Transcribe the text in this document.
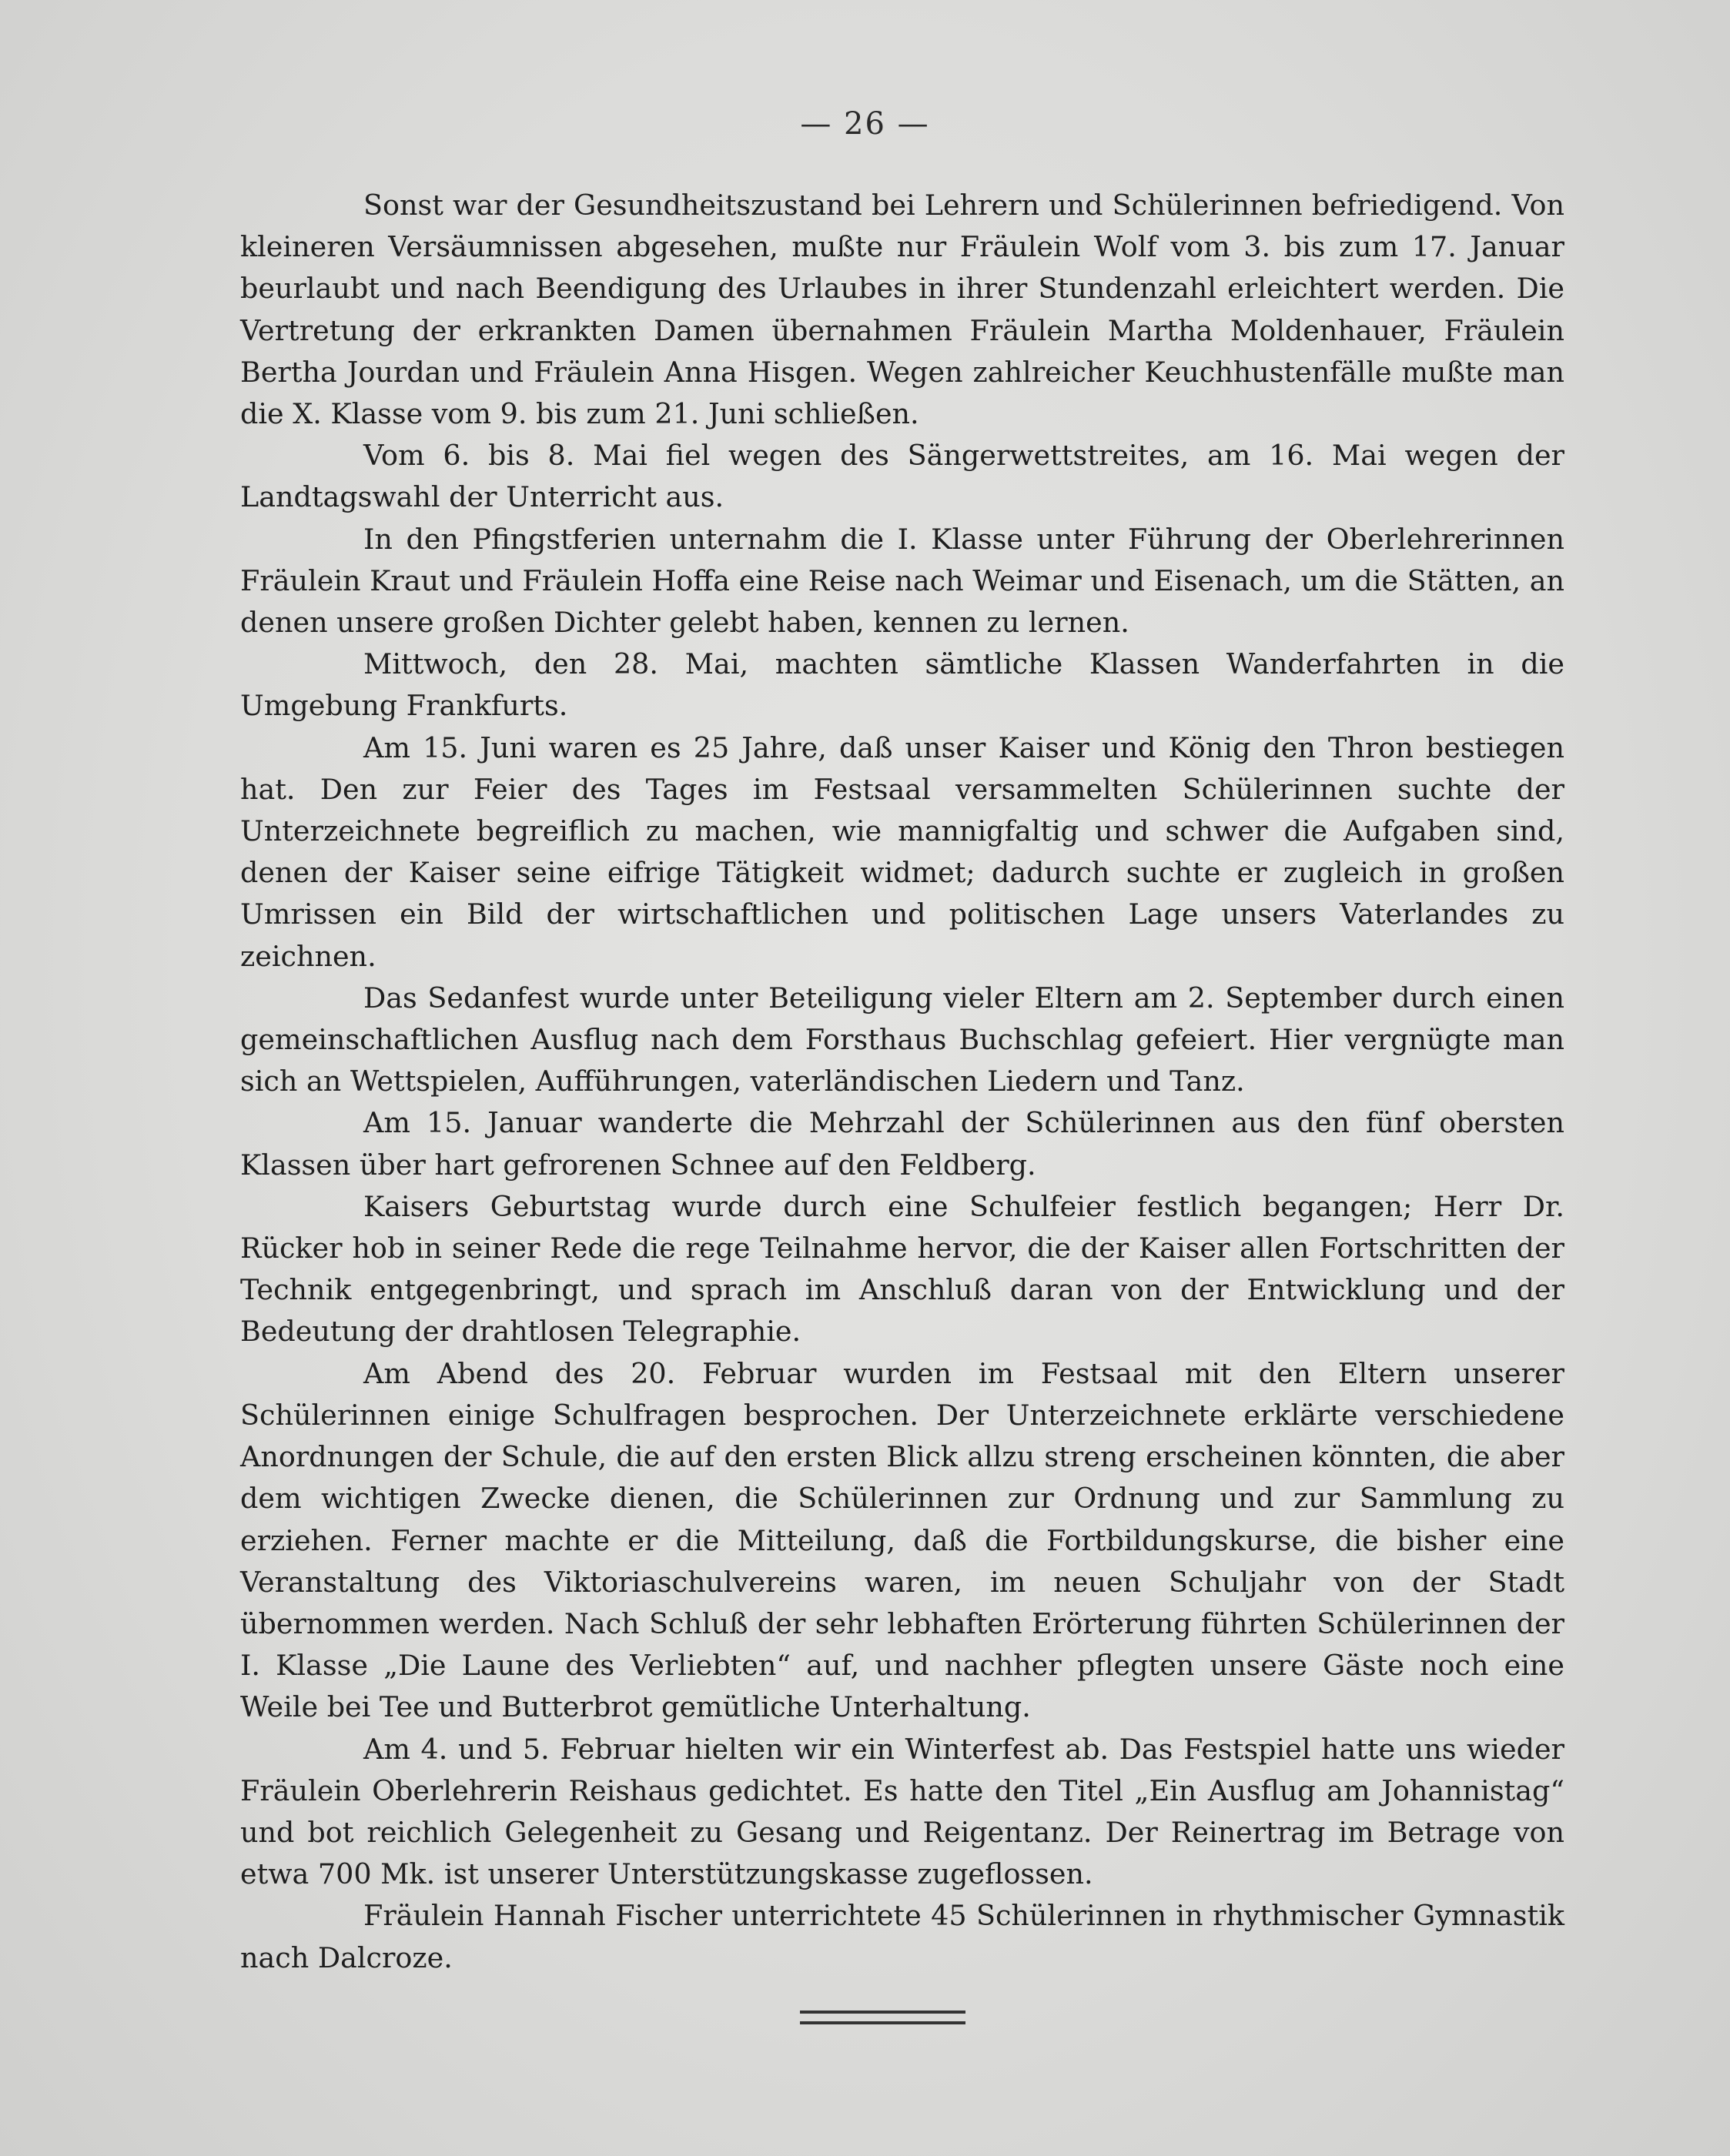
— 26 —

Sonst war der Gesundheitszustand bei Lehrern und Schülerinnen befriedigend. Von kleineren Versäumnissen abgesehen, mußte nur Fräulein Wolf vom 3. bis zum 17. Januar beurlaubt und nach Beendigung des Urlaubes in ihrer Stundenzahl erleichtert werden. Die Vertretung der erkrankten Damen übernahmen Fräulein Martha Moldenhauer, Fräulein Bertha Jourdan und Fräulein Anna Hisgen. Wegen zahlreicher Keuchhustenfälle mußte man die X. Klasse vom 9. bis zum 21. Juni schließen.

Vom 6. bis 8. Mai fiel wegen des Sängerwettstreites, am 16. Mai wegen der Landtagswahl der Unterricht aus.

In den Pfingstferien unternahm die I. Klasse unter Führung der Oberlehrerinnen Fräulein Kraut und Fräulein Hoffa eine Reise nach Weimar und Eisenach, um die Stätten, an denen unsere großen Dichter gelebt haben, kennen zu lernen.

Mittwoch, den 28. Mai, machten sämtliche Klassen Wanderfahrten in die Umgebung Frankfurts.

Am 15. Juni waren es 25 Jahre, daß unser Kaiser und König den Thron bestiegen hat. Den zur Feier des Tages im Festsaal versammelten Schülerinnen suchte der Unterzeichnete begreiflich zu machen, wie mannigfaltig und schwer die Aufgaben sind, denen der Kaiser seine eifrige Tätigkeit widmet; dadurch suchte er zugleich in großen Umrissen ein Bild der wirtschaftlichen und politischen Lage unsers Vaterlandes zu zeichnen.

Das Sedanfest wurde unter Beteiligung vieler Eltern am 2. September durch einen gemeinschaftlichen Ausflug nach dem Forsthaus Buchschlag gefeiert. Hier vergnügte man sich an Wettspielen, Aufführungen, vaterländischen Liedern und Tanz.

Am 15. Januar wanderte die Mehrzahl der Schülerinnen aus den fünf obersten Klassen über hart gefrorenen Schnee auf den Feldberg.

Kaisers Geburtstag wurde durch eine Schulfeier festlich begangen; Herr Dr. Rücker hob in seiner Rede die rege Teilnahme hervor, die der Kaiser allen Fortschritten der Technik entgegenbringt, und sprach im Anschluß daran von der Entwicklung und der Bedeutung der drahtlosen Telegraphie.

Am Abend des 20. Februar wurden im Festsaal mit den Eltern unserer Schülerinnen einige Schulfragen besprochen. Der Unterzeichnete erklärte verschiedene Anordnungen der Schule, die auf den ersten Blick allzu streng erscheinen könnten, die aber dem wichtigen Zwecke dienen, die Schülerinnen zur Ordnung und zur Sammlung zu erziehen. Ferner machte er die Mitteilung, daß die Fortbildungskurse, die bisher eine Veranstaltung des Viktoriaschulvereins waren, im neuen Schuljahr von der Stadt übernommen werden. Nach Schluß der sehr lebhaften Erörterung führten Schülerinnen der I. Klasse „Die Laune des Verliebten“ auf, und nachher pflegten unsere Gäste noch eine Weile bei Tee und Butterbrot gemütliche Unterhaltung.

Am 4. und 5. Februar hielten wir ein Winterfest ab. Das Festspiel hatte uns wieder Fräulein Oberlehrerin Reishaus gedichtet. Es hatte den Titel „Ein Ausflug am Johannistag“ und bot reichlich Gelegenheit zu Gesang und Reigentanz. Der Reinertrag im Betrage von etwa 700 Mk. ist unserer Unterstützungskasse zugeflossen.

Fräulein Hannah Fischer unterrichtete 45 Schülerinnen in rhythmischer Gymnastik nach Dalcroze.
